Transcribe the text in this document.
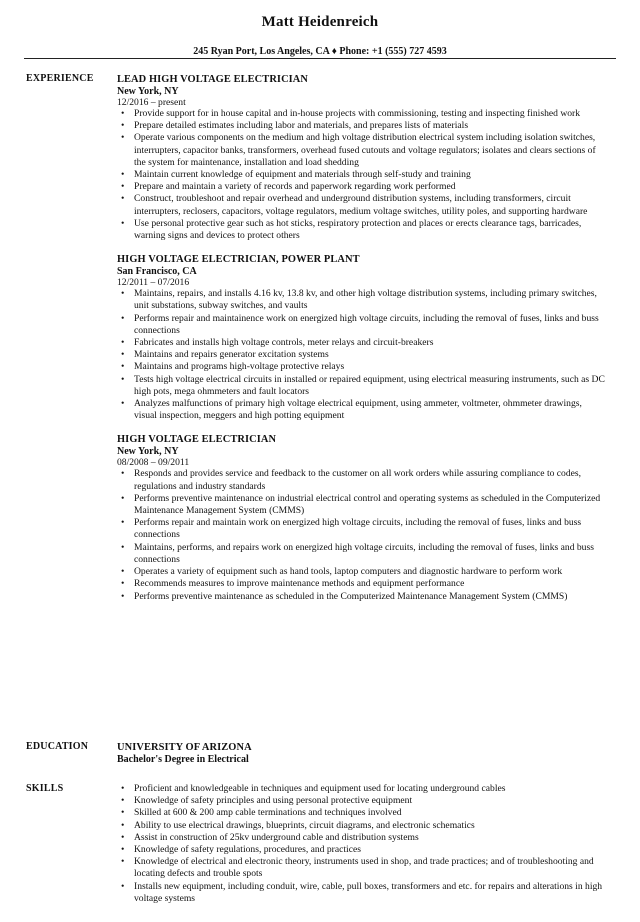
Matt Heidenreich
245 Ryan Port, Los Angeles, CA ♦ Phone: +1 (555) 727 4593
EXPERIENCE LEAD HIGH VOLTAGE ELECTRICIAN
New York, NY
12/2016 – present
• Provide support for in house capital and in-house projects with commissioning, testing and inspecting finished work
• Prepare detailed estimates including labor and materials, and prepares lists of materials
• Operate various components on the medium and high voltage distribution electrical system including isolation switches, interrupters, capacitor banks, transformers, overhead fused cutouts and voltage regulators; isolates and clears sections of the system for maintenance, installation and load shedding
• Maintain current knowledge of equipment and materials through self-study and training
• Prepare and maintain a variety of records and paperwork regarding work performed
• Construct, troubleshoot and repair overhead and underground distribution systems, including transformers, circuit interrupters, reclosers, capacitors, voltage regulators, medium voltage switches, utility poles, and supporting hardware
• Use personal protective gear such as hot sticks, respiratory protection and places or erects clearance tags, barricades, warning signs and devices to protect others
HIGH VOLTAGE ELECTRICIAN, POWER PLANT
San Francisco, CA
12/2011 – 07/2016
• Maintains, repairs, and installs 4.16 kv, 13.8 kv, and other high voltage distribution systems, including primary switches, unit substations, subway switches, and vaults
• Performs repair and maintainence work on energized high voltage circuits, including the removal of fuses, links and buss connections
• Fabricates and installs high voltage controls, meter relays and circuit-breakers
• Maintains and repairs generator excitation systems
• Maintains and programs high-voltage protective relays
• Tests high voltage electrical circuits in installed or repaired equipment, using electrical measuring instruments, such as DC high pots, mega ohmmeters and fault locators
• Analyzes malfunctions of primary high voltage electrical equipment, using ammeter, voltmeter, ohmmeter drawings, visual inspection, meggers and high potting equipment
HIGH VOLTAGE ELECTRICIAN
New York, NY
08/2008 – 09/2011
• Responds and provides service and feedback to the customer on all work orders while assuring compliance to codes, regulations and industry standards
• Performs preventive maintenance on industrial electrical control and operating systems as scheduled in the Computerized Maintenance Management System (CMMS)
• Performs repair and maintain work on energized high voltage circuits, including the removal of fuses, links and buss connections
• Maintains, performs, and repairs work on energized high voltage circuits, including the removal of fuses, links and buss connections
• Operates a variety of equipment such as hand tools, laptop computers and diagnostic hardware to perform work
• Recommends measures to improve maintenance methods and equipment performance
• Performs preventive maintenance as scheduled in the Computerized Maintenance Management System (CMMS)
EDUCATION	UNIVERSITY OF ARIZONA
Bachelor's Degree in Electrical
SKILLS
•	Proficient and knowledgeable in techniques and equipment used for locating underground cables
• Knowledge of safety principles and using personal protective equipment
• Skilled at 600 & 200 amp cable terminations and techniques involved
• Ability to use electrical drawings, blueprints, circuit diagrams, and electronic schematics
• Assist in construction of 25kv underground cable and distribution systems
• Knowledge of safety regulations, procedures, and practices
• Knowledge of electrical and electronic theory, instruments used in shop, and trade practices; and of troubleshooting and locating defects and trouble spots
• Installs new equipment, including conduit, wire, cable, pull boxes, transformers and etc. for repairs and alterations in high voltage systems
